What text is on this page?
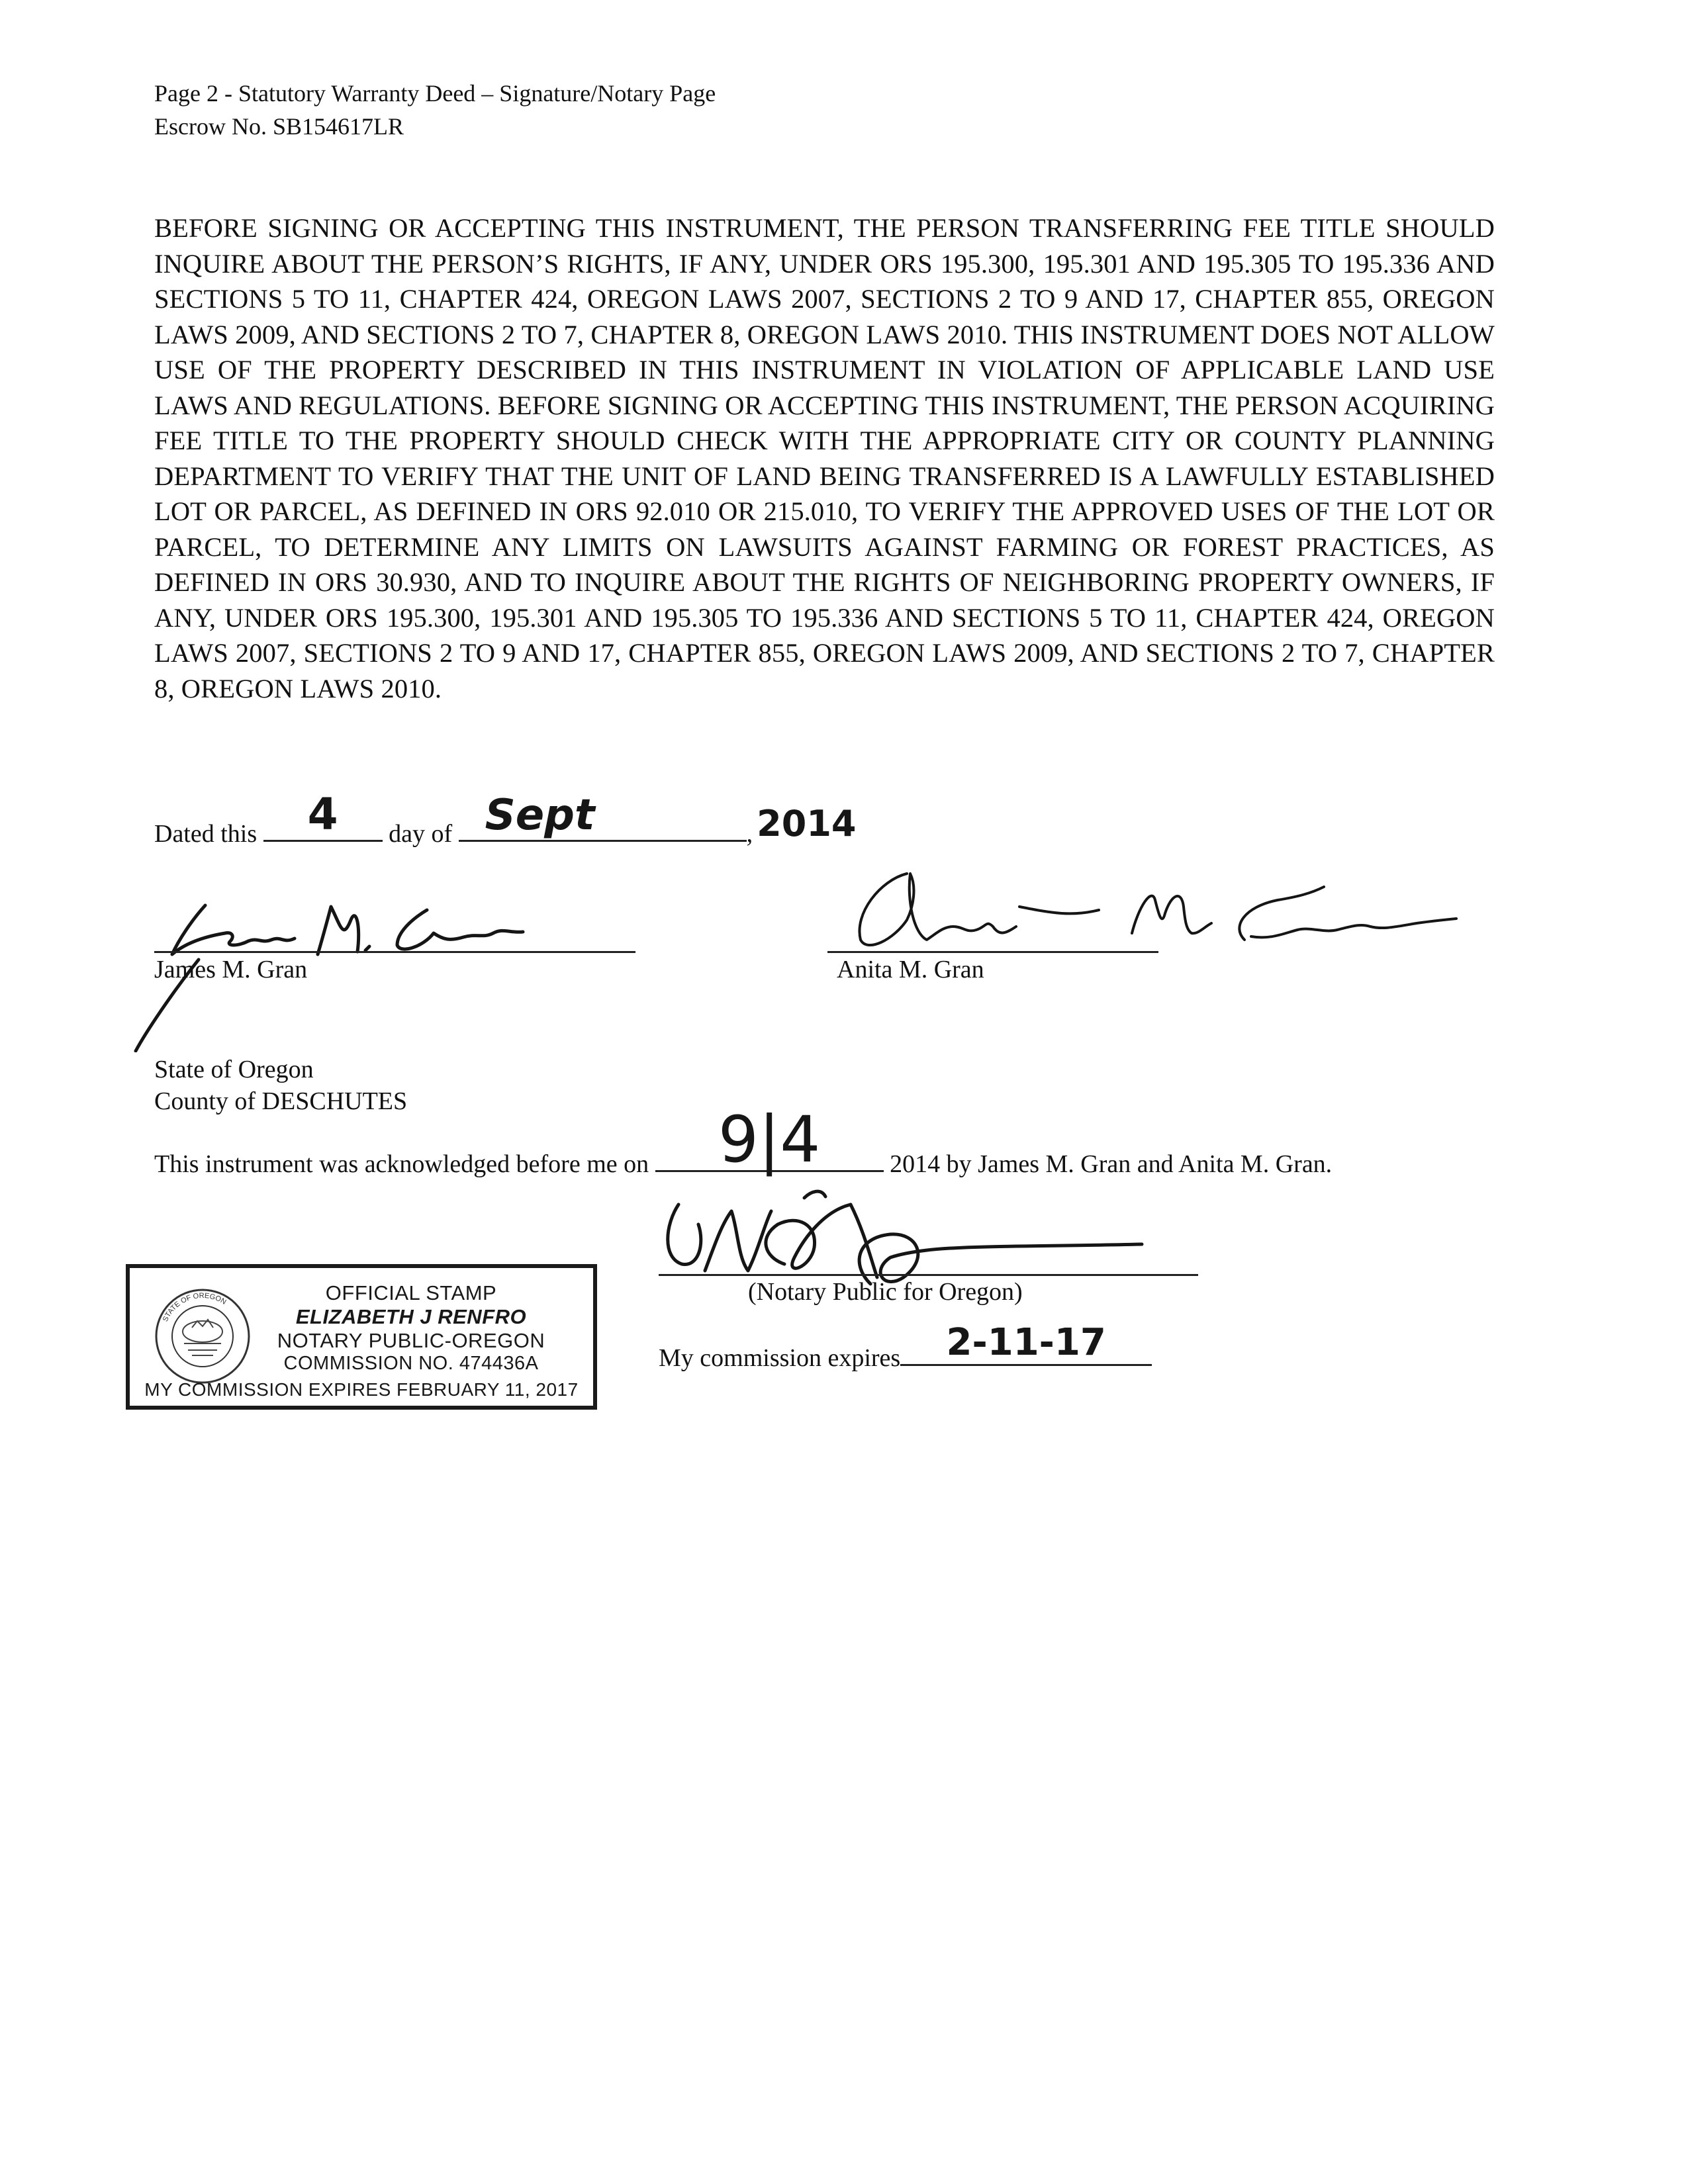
Page 2 - Statutory Warranty Deed – Signature/Notary Page
Escrow No. SB154617LR
BEFORE SIGNING OR ACCEPTING THIS INSTRUMENT, THE PERSON TRANSFERRING FEE TITLE SHOULD INQUIRE ABOUT THE PERSON’S RIGHTS, IF ANY, UNDER ORS 195.300, 195.301 AND 195.305 TO 195.336 AND SECTIONS 5 TO 11, CHAPTER 424, OREGON LAWS 2007, SECTIONS 2 TO 9 AND 17, CHAPTER 855, OREGON LAWS 2009, AND SECTIONS 2 TO 7, CHAPTER 8, OREGON LAWS 2010. THIS INSTRUMENT DOES NOT ALLOW USE OF THE PROPERTY DESCRIBED IN THIS INSTRUMENT IN VIOLATION OF APPLICABLE LAND USE LAWS AND REGULATIONS. BEFORE SIGNING OR ACCEPTING THIS INSTRUMENT, THE PERSON ACQUIRING FEE TITLE TO THE PROPERTY SHOULD CHECK WITH THE APPROPRIATE CITY OR COUNTY PLANNING DEPARTMENT TO VERIFY THAT THE UNIT OF LAND BEING TRANSFERRED IS A LAWFULLY ESTABLISHED LOT OR PARCEL, AS DEFINED IN ORS 92.010 OR 215.010, TO VERIFY THE APPROVED USES OF THE LOT OR PARCEL, TO DETERMINE ANY LIMITS ON LAWSUITS AGAINST FARMING OR FOREST PRACTICES, AS DEFINED IN ORS 30.930, AND TO INQUIRE ABOUT THE RIGHTS OF NEIGHBORING PROPERTY OWNERS, IF ANY, UNDER ORS 195.300, 195.301 AND 195.305 TO 195.336 AND SECTIONS 5 TO 11, CHAPTER 424, OREGON LAWS 2007, SECTIONS 2 TO 9 AND 17, CHAPTER 855, OREGON LAWS 2009, AND SECTIONS 2 TO 7, CHAPTER 8, OREGON LAWS 2010.
Dated this	4	day of Sept	, 2014
James M. Gran	Anita M. Gran
State of Oregon
County of DESCHUTES
This instrument was acknowledged before me on	9|4	2014 by James M. Gran and Anita M. Gran.
(Notary Public for Oregon)
My commission expires	2-11-17
STATE OF OREGON	OFFICIAL STAMP
ELIZABETH J RENFRO
NOTARY PUBLIC-OREGON
COMMISSION NO. 474436A
MY COMMISSION EXPIRES FEBRUARY 11, 2017
